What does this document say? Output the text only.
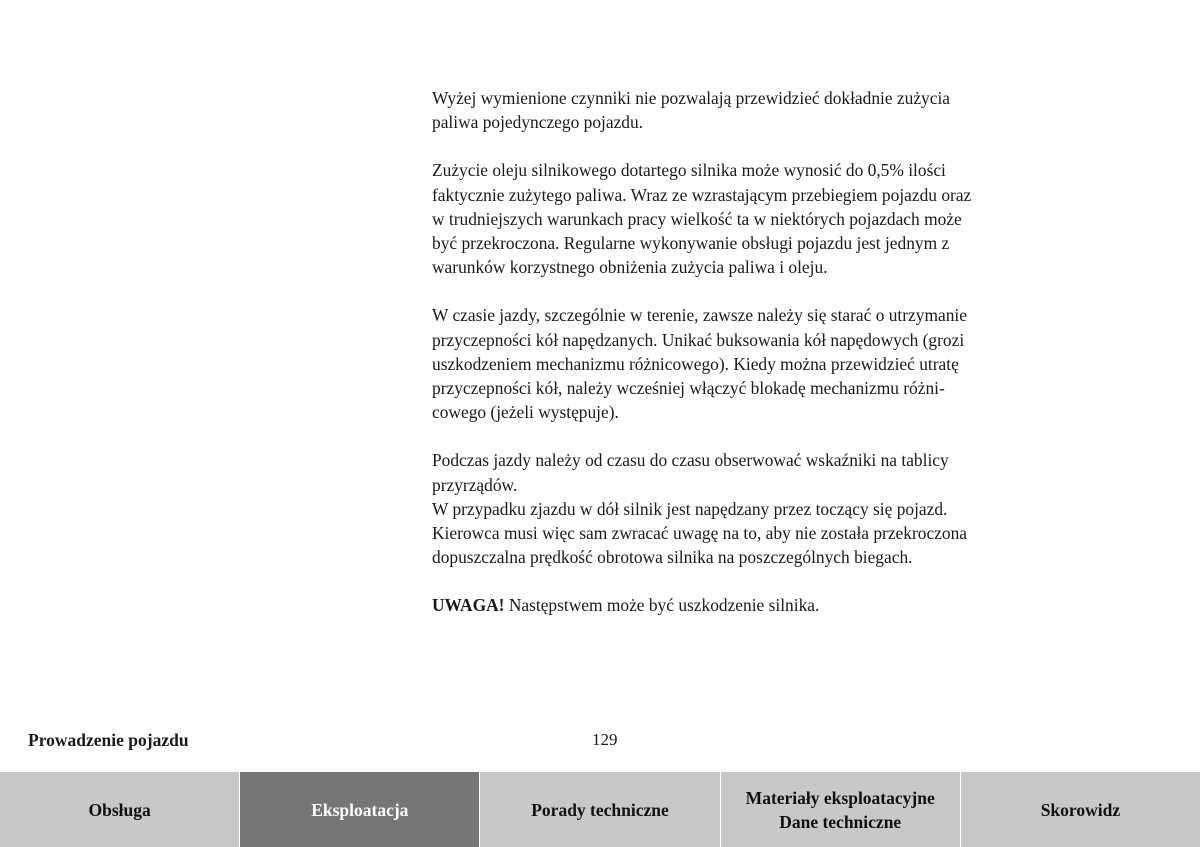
Wyżej wymienione czynniki nie pozwalają przewidzieć dokładnie zużycia
paliwa pojedynczego pojazdu.

Zużycie oleju silnikowego dotartego silnika może wynosić do 0,5% ilości
faktycznie zużytego paliwa. Wraz ze wzrastającym przebiegiem pojazdu oraz
w trudniejszych warunkach pracy wielkość ta w niektórych pojazdach może
być przekroczona. Regularne wykonywanie obsługi pojazdu jest jednym z
warunków korzystnego obniżenia zużycia paliwa i oleju.

W czasie jazdy, szczególnie w terenie, zawsze należy się starać o utrzymanie
przyczepności kół napędzanych. Unikać buksowania kół napędowych (grozi
uszkodzeniem mechanizmu różnicowego). Kiedy można przewidzieć utratę
przyczepności kół, należy wcześniej włączyć blokadę mechanizmu różni-
cowego (jeżeli występuje).

Podczas jazdy należy od czasu do czasu obserwować wskaźniki na tablicy
przyrządów.

W przypadku zjazdu w dół silnik jest napędzany przez toczący się pojazd.
Kierowca musi więc sam zwracać uwagę na to, aby nie została przekroczona
dopuszczalna prędkość obrotowa silnika na poszczególnych biegach.

UWAGA! Następstwem może być uszkodzenie silnika.

Prowadzenie pojazdu	129
Obsługa	Eksploatacja	Porady techniczne
Materiały eksploatacyjne
Dane techniczne
Skorowidz
